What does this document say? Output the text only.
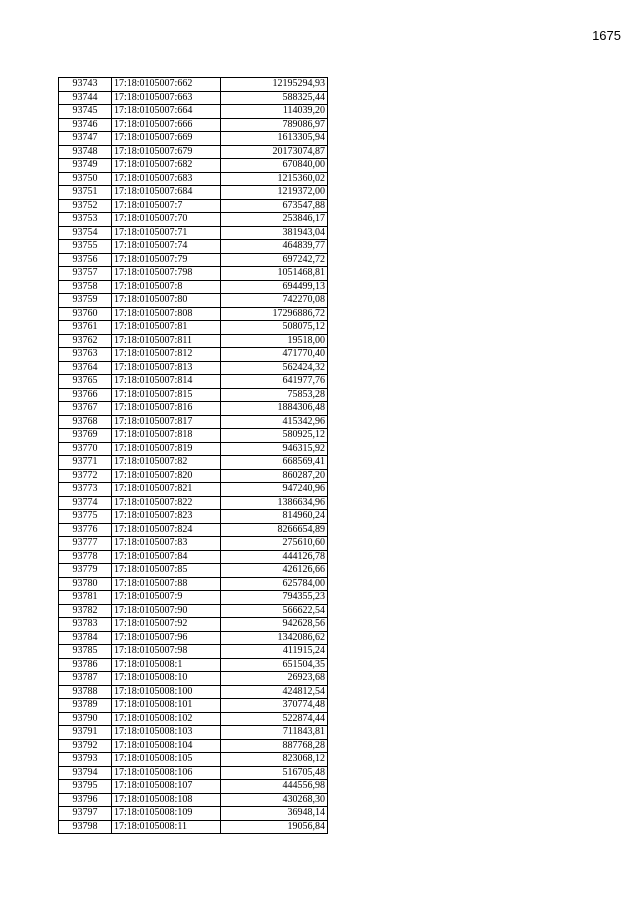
1675
93743	17:18:0105007:662	12195294,93
93744	17:18:0105007:663	588325,44
93745	17:18:0105007:664	114039,20
93746	17:18:0105007:666	789086,97
93747	17:18:0105007:669	1613305,94
93748	17:18:0105007:679	20173074,87
93749	17:18:0105007:682	670840,00
93750	17:18:0105007:683	1215360,02
93751	17:18:0105007:684	1219372,00
93752	17:18:0105007:7	673547,88
93753	17:18:0105007:70	253846,17
93754	17:18:0105007:71	381943,04
93755	17:18:0105007:74	464839,77
93756	17:18:0105007:79	697242,72
93757	17:18:0105007:798	1051468,81
93758	17:18:0105007:8	694499,13
93759	17:18:0105007:80	742270,08
93760	17:18:0105007:808	17296886,72
93761	17:18:0105007:81	508075,12
93762	17:18:0105007:811	19518,00
93763	17:18:0105007:812	471770,40
93764	17:18:0105007:813	562424,32
93765	17:18:0105007:814	641977,76
93766	17:18:0105007:815	75853,28
93767	17:18:0105007:816	1884306,48
93768	17:18:0105007:817	415342,96
93769	17:18:0105007:818	580925,12
93770	17:18:0105007:819	946315,92
93771	17:18:0105007:82	668569,41
93772	17:18:0105007:820	860287,20
93773	17:18:0105007:821	947240,96
93774	17:18:0105007:822	1386634,96
93775	17:18:0105007:823	814960,24
93776	17:18:0105007:824	8266654,89
93777	17:18:0105007:83	275610,60
93778	17:18:0105007:84	444126,78
93779	17:18:0105007:85	426126,66
93780	17:18:0105007:88	625784,00
93781	17:18:0105007:9	794355,23
93782	17:18:0105007:90	566622,54
93783	17:18:0105007:92	942628,56
93784	17:18:0105007:96	1342086,62
93785	17:18:0105007:98	411915,24
93786	17:18:0105008:1	651504,35
93787	17:18:0105008:10	26923,68
93788	17:18:0105008:100	424812,54
93789	17:18:0105008:101	370774,48
93790	17:18:0105008:102	522874,44
93791	17:18:0105008:103	711843,81
93792	17:18:0105008:104	887768,28
93793	17:18:0105008:105	823068,12
93794	17:18:0105008:106	516705,48
93795	17:18:0105008:107	444556,98
93796	17:18:0105008:108	430268,30
93797	17:18:0105008:109	36948,14
93798	17:18:0105008:11	19056,84
